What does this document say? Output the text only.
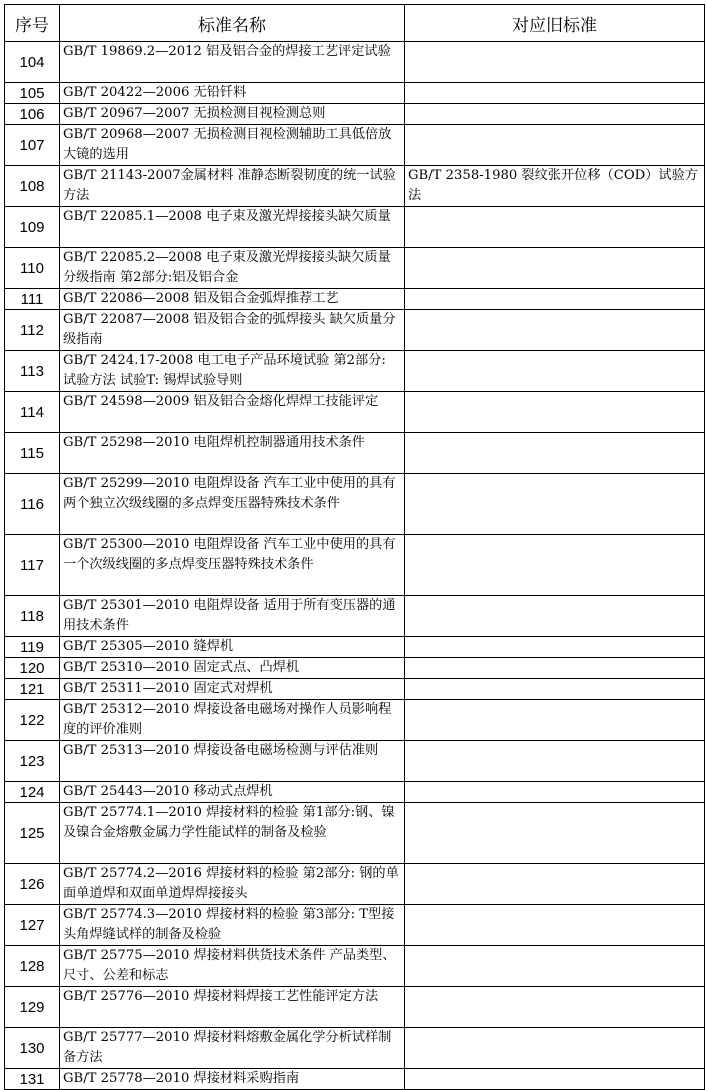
序号	标准名称	对应旧标准
104	GB/T 19869.2—2012 铝及铝合金的焊接工艺评定试验	
105	GB/T 20422—2006 无铅钎料	
106	GB/T 20967—2007 无损检测目视检测总则	
107	GB/T 20968—2007 无损检测目视检测辅助工具低倍放大镜的选用	
108	GB/T 21143-2007金属材料 准静态断裂韧度的统一试验方法	GB/T 2358-1980 裂纹张开位移（COD）试验方法
109	GB/T 22085.1—2008 电子束及激光焊接接头缺欠质量	
110	GB/T 22085.2—2008 电子束及激光焊接接头缺欠质量 分级指南 第2部分:铝及铝合金	
111	GB/T 22086—2008 铝及铝合金弧焊推荐工艺	
112	GB/T 22087—2008 铝及铝合金的弧焊接头 缺欠质量分级指南	
113	GB/T 2424.17-2008 电工电子产品环境试验 第2部分: 试验方法 试验T: 锡焊试验导则	
114	GB/T 24598—2009 铝及铝合金熔化焊焊工技能评定	
115	GB/T 25298—2010 电阻焊机控制器通用技术条件	
116	GB/T 25299—2010 电阻焊设备 汽车工业中使用的具有两个独立次级线圈的多点焊变压器特殊技术条件	
117	GB/T 25300—2010 电阻焊设备 汽车工业中使用的具有一个次级线圈的多点焊变压器特殊技术条件	
118	GB/T 25301—2010 电阻焊设备 适用于所有变压器的通用技术条件	
119	GB/T 25305—2010 缝焊机	
120	GB/T 25310—2010 固定式点、凸焊机	
121	GB/T 25311—2010 固定式对焊机	
122	GB/T 25312—2010 焊接设备电磁场对操作人员影响程度的评价准则	
123	GB/T 25313—2010 焊接设备电磁场检测与评估准则	
124	GB/T 25443—2010 移动式点焊机	
125	GB/T 25774.1—2010 焊接材料的检验 第1部分:钢、镍及镍合金熔敷金属力学性能试样的制备及检验	
126	GB/T 25774.2—2016 焊接材料的检验 第2部分: 钢的单面单道焊和双面单道焊焊接接头	
127	GB/T 25774.3—2010 焊接材料的检验 第3部分: T型接头角焊缝试样的制备及检验	
128	GB/T 25775—2010 焊接材料供货技术条件 产品类型、尺寸、公差和标志	
129	GB/T 25776—2010 焊接材料焊接工艺性能评定方法	
130	GB/T 25777—2010 焊接材料熔敷金属化学分析试样制备方法	
131	GB/T 25778—2010 焊接材料采购指南	
